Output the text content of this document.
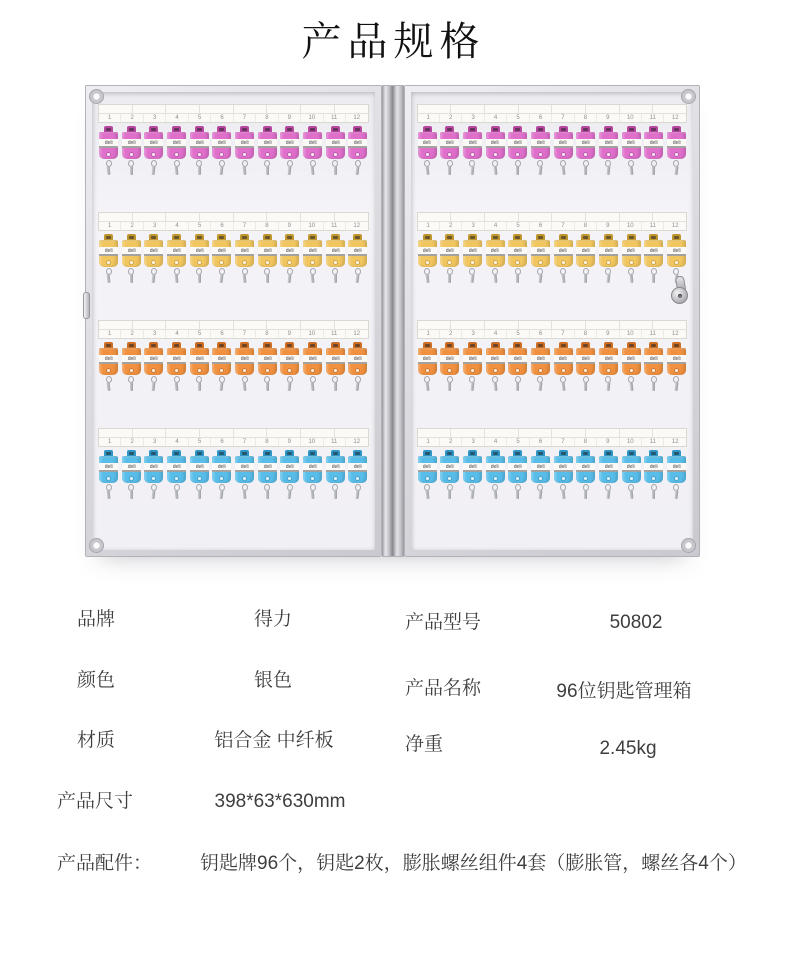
产品规格
1	2	3	4	5	6	7	8	9	10	11	12
deli deli deli deli deli deli deli deli deli deli deli deli
1	2	3	4	5	6	7	8	9	10	11	12
deli deli deli deli deli deli deli deli deli deli deli deli
1	2	3	4	5	6	7	8	9	10	11	12
deli deli deli deli deli deli deli deli deli deli deli deli
1	2	3	4	5	6	7	8	9	10	11	12
deli deli deli deli deli deli deli deli deli deli deli deli
1	2	3	4	5	6	7	8	9	10	11	12
deli deli deli deli deli deli deli deli deli deli deli deli
1	2	3	4	5	6	7	8	9	10	11	12
deli deli deli deli deli deli deli deli deli deli deli deli
1	2	3	4	5	6	7	8	9	10	11	12
deli deli deli deli deli deli deli deli deli deli deli deli
1	2	3	4	5	6	7	8	9	10	11	12
deli deli deli deli deli deli deli deli deli deli deli deli
品牌	得力	产品型号	50802
颜色	银色	产品名称	96位钥匙管理箱
材质	铝合金 中纤板	净重	2.45kg
产品尺寸	398*63*630mm
产品配件：	钥匙牌96个，钥匙2枚，膨胀螺丝组件4套（膨胀管，螺丝各4个）
